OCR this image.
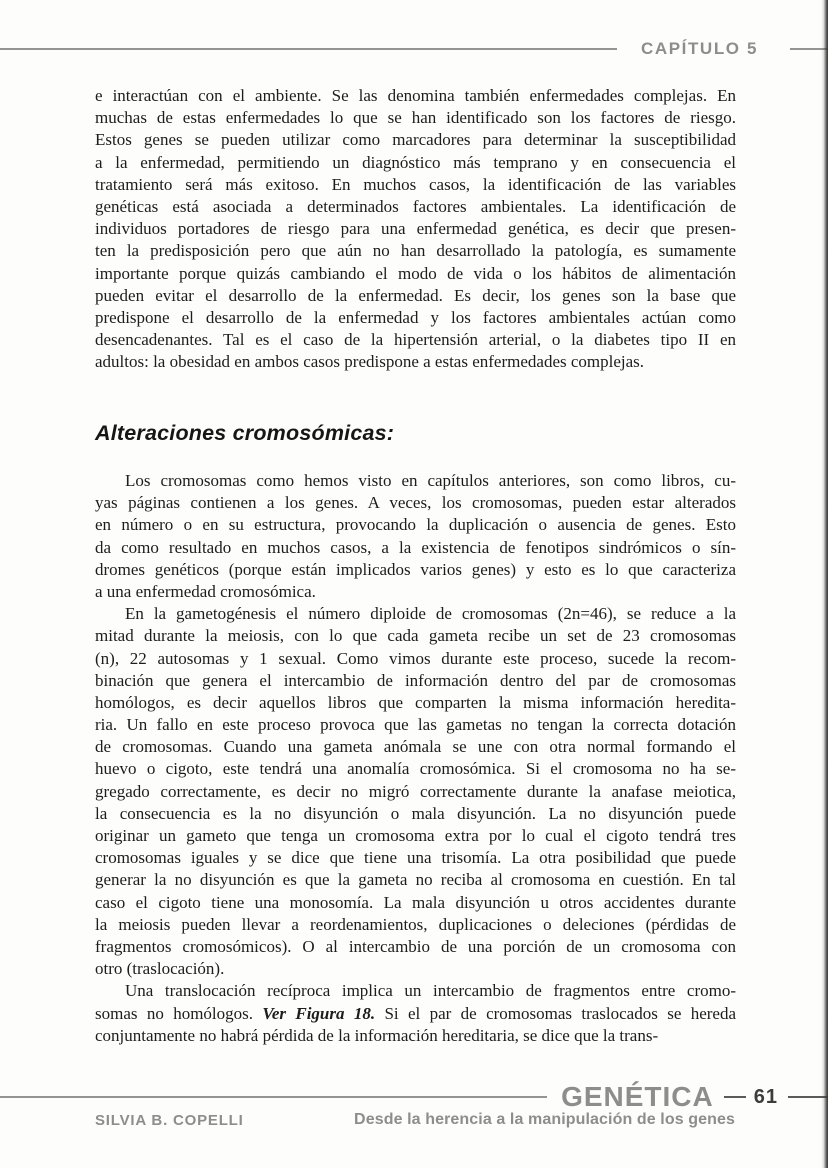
CAPÍTULO 5
e interactúan con el ambiente. Se las denomina también enfermedades complejas. En
muchas de estas enfermedades lo que se han identificado son los factores de riesgo.
Estos genes se pueden utilizar como marcadores para determinar la susceptibilidad
a la enfermedad, permitiendo un diagnóstico más temprano y en consecuencia el
tratamiento será más exitoso. En muchos casos, la identificación de las variables
genéticas está asociada a determinados factores ambientales. La identificación de
individuos portadores de riesgo para una enfermedad genética, es decir que presen-
ten la predisposición pero que aún no han desarrollado la patología, es sumamente
importante porque quizás cambiando el modo de vida o los hábitos de alimentación
pueden evitar el desarrollo de la enfermedad. Es decir, los genes son la base que
predispone el desarrollo de la enfermedad y los factores ambientales actúan como
desencadenantes. Tal es el caso de la hipertensión arterial, o la diabetes tipo II en
adultos: la obesidad en ambos casos predispone a estas enfermedades complejas.
Alteraciones cromosómicas:
Los cromosomas como hemos visto en capítulos anteriores, son como libros, cu-
yas páginas contienen a los genes. A veces, los cromosomas, pueden estar alterados
en número o en su estructura, provocando la duplicación o ausencia de genes. Esto
da como resultado en muchos casos, a la existencia de fenotipos sindrómicos o sín-
dromes genéticos (porque están implicados varios genes) y esto es lo que caracteriza
a una enfermedad cromosómica.
En la gametogénesis el número diploide de cromosomas (2n=46), se reduce a la
mitad durante la meiosis, con lo que cada gameta recibe un set de 23 cromosomas
(n), 22 autosomas y 1 sexual. Como vimos durante este proceso, sucede la recom-
binación que genera el intercambio de información dentro del par de cromosomas
homólogos, es decir aquellos libros que comparten la misma información heredita-
ria. Un fallo en este proceso provoca que las gametas no tengan la correcta dotación
de cromosomas. Cuando una gameta anómala se une con otra normal formando el
huevo o cigoto, este tendrá una anomalía cromosómica. Si el cromosoma no ha se-
gregado correctamente, es decir no migró correctamente durante la anafase meiotica,
la consecuencia es la no disyunción o mala disyunción. La no disyunción puede
originar un gameto que tenga un cromosoma extra por lo cual el cigoto tendrá tres
cromosomas iguales y se dice que tiene una trisomía. La otra posibilidad que puede
generar la no disyunción es que la gameta no reciba al cromosoma en cuestión. En tal
caso el cigoto tiene una monosomía. La mala disyunción u otros accidentes durante
la meiosis pueden llevar a reordenamientos, duplicaciones o deleciones (pérdidas de
fragmentos cromosómicos). O al intercambio de una porción de un cromosoma con
otro (traslocación).
Una translocación recíproca implica un intercambio de fragmentos entre cromo-
somas no homólogos. Ver Figura 18. Si el par de cromosomas traslocados se hereda
conjuntamente no habrá pérdida de la información hereditaria, se dice que la trans-
GENÉTICA 61
SILVIA B. COPELLI	Desde la herencia a la manipulación de los genes
